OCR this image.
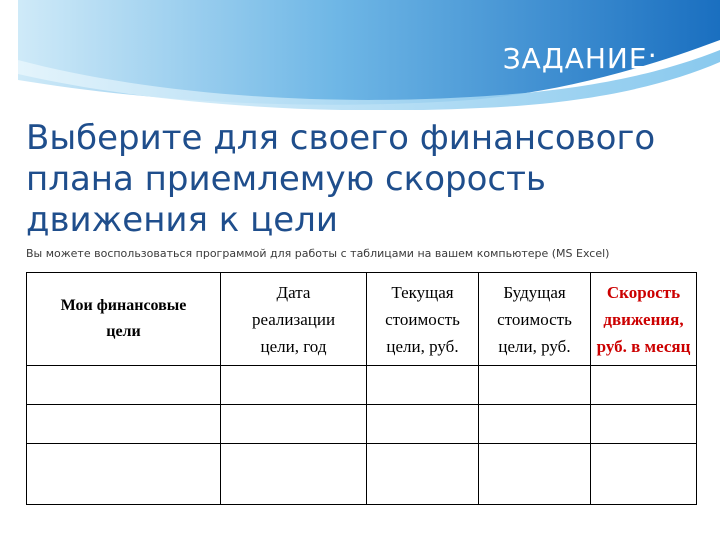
ЗАДАНИЕ:
Выберите для своего финансового плана приемлемую скорость движения к цели
Вы можете воспользоваться программой для работы с таблицами на вашем компьютере (MS Excel)
Мои финансовые
цели	Дата
реализации
цели, год	Текущая
стоимость
цели, руб.	Будущая
стоимость
цели, руб.	Скорость
движения,
руб. в месяц
